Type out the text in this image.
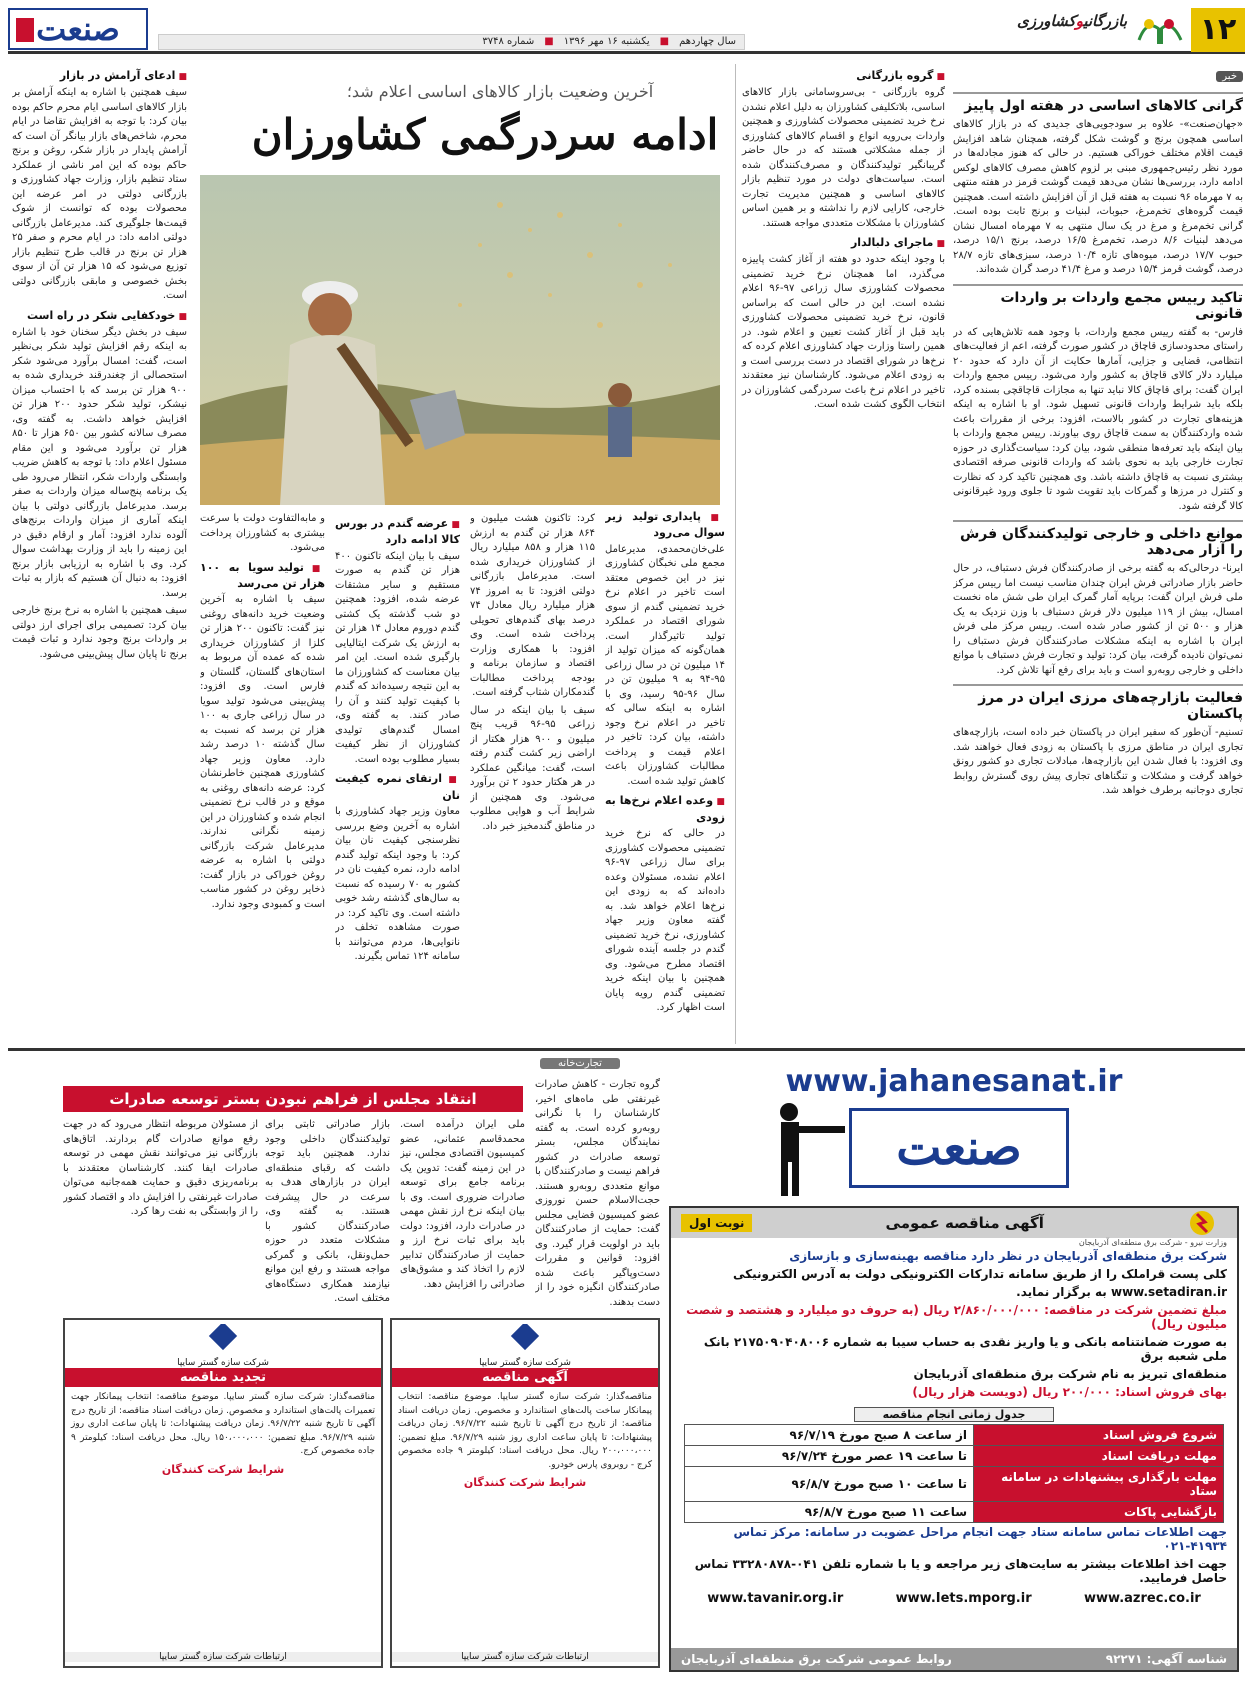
۱۲
بازرگانیوکشاورزی
سال چهاردهم
■
یکشنبه ۱۶ مهر ۱۳۹۶
■
شماره ۳۷۴۸
صنعت
خبر
گرانی کالاهای اساسی در هفته اول پاییز
«جهان‌صنعت»- علاوه بر سودجویی‌های جدیدی که در بازار کالاهای اساسی همچون برنج و گوشت شکل گرفته، همچنان شاهد افزایش قیمت اقلام مختلف خوراکی هستیم. در حالی که هنوز مجادله‌ها در مورد نظر رئیس‌جمهوری مبنی بر لزوم کاهش مصرف کالاهای لوکس ادامه دارد، بررسی‌ها نشان می‌دهد قیمت گوشت قرمز در هفته منتهی به ۷ مهرماه ۹۶ نسبت به هفته قبل از آن افزایش داشته است. همچنین قیمت گروه‌های تخم‌مرغ، حبوبات، لبنیات و برنج ثابت بوده است. گرانی تخم‌مرغ و مرغ در یک سال منتهی به ۷ مهرماه امسال نشان می‌دهد لبنیات ۸/۶ درصد، تخم‌مرغ ۱۶/۵ درصد، برنج ۱۵/۱ درصد، حبوب ۱۷/۷ درصد، میوه‌های تازه ۱۰/۴ درصد، سبزی‌های تازه ۲۸/۷ درصد، گوشت قرمز ۱۵/۴ درصد و مرغ ۴۱/۴ درصد گران شده‌اند.
تاکید رییس مجمع واردات بر واردات قانونی
فارس- به گفته رییس مجمع واردات، با وجود همه تلاش‌هایی که در راستای محدودسازی قاچاق در کشور صورت گرفته، اعم از فعالیت‌های انتظامی، قضایی و جزایی، آمارها حکایت از آن دارد که حدود ۲۰ میلیارد دلار کالای قاچاق به کشور وارد می‌شود. رییس مجمع واردات ایران گفت: برای قاچاق کالا نباید تنها به مجازات قاچاقچی بسنده کرد، بلکه باید شرایط واردات قانونی تسهیل شود. او با اشاره به اینکه هزینه‌های تجارت در کشور بالاست، افزود: برخی از مقررات باعث شده واردکنندگان به سمت قاچاق روی بیاورند. رییس مجمع واردات با بیان اینکه باید تعرفه‌ها منطقی شود، بیان کرد: سیاست‌گذاری در حوزه تجارت خارجی باید به نحوی باشد که واردات قانونی صرفه اقتصادی بیشتری نسبت به قاچاق داشته باشد. وی همچنین تاکید کرد که نظارت و کنترل در مرزها و گمرکات باید تقویت شود تا جلوی ورود غیرقانونی کالا گرفته شود.
موانع داخلی و خارجی تولیدکنندگان فرش را آزار می‌دهد
ایرنا- درحالی‌که به گفته برخی از صادرکنندگان فرش دستباف، در حال حاضر بازار صادراتی فرش ایران چندان مناسب نیست اما رییس مرکز ملی فرش ایران گفت: برپایه آمار گمرک ایران طی شش ماه نخست امسال، بیش از ۱۱۹ میلیون دلار فرش دستباف با وزن نزدیک به یک هزار و ۵۰۰ تن از کشور صادر شده است. رییس مرکز ملی فرش ایران با اشاره به اینکه مشکلات صادرکنندگان فرش دستباف را نمی‌توان نادیده گرفت، بیان کرد: تولید و تجارت فرش دستباف با موانع داخلی و خارجی روبه‌رو است و باید برای رفع آنها تلاش کرد.
فعالیت بازارچه‌های مرزی ایران در مرز پاکستان
تسنیم- آن‌طور که سفیر ایران در پاکستان خبر داده است، بازارچه‌های تجاری ایران در مناطق مرزی با پاکستان به زودی فعال خواهند شد. وی افزود: با فعال شدن این بازارچه‌ها، مبادلات تجاری دو کشور رونق خواهد گرفت و مشکلات و تنگناهای تجاری پیش روی گسترش روابط تجاری دوجانبه برطرف خواهد شد.
آخرین وضعیت بازار کالاهای اساسی اعلام شد؛
ادامه سردرگمی کشاورزان
■ ادعای آرامش در بازار

سیف همچنین با اشاره به اینکه آرامش بر بازار کالاهای اساسی ایام محرم حاکم بوده بیان کرد: با توجه به افزایش تقاضا در ایام محرم، شاخص‌های بازار بیانگر آن است که آرامش پایدار در بازار شکر، روغن و برنج حاکم بوده که این امر ناشی از عملکرد ستاد تنظیم بازار، وزارت جهاد کشاورزی و بازرگانی دولتی در امر عرضه این محصولات بوده که توانست از شوک قیمت‌ها جلوگیری کند. مدیرعامل بازرگانی دولتی ادامه داد: در ایام محرم و صفر ۲۵ هزار تن برنج در قالب طرح تنظیم بازار توزیع می‌شود که ۱۵ هزار تن آن از سوی بخش خصوصی و مابقی بازرگانی دولتی است.

■ خودکفایی شکر در راه است

سیف در بخش دیگر سخنان خود با اشاره به اینکه رقم افزایش تولید شکر بی‌نظیر است، گفت: امسال برآورد می‌شود شکر استحصالی از چغندرقند خریداری شده به ۹۰۰ هزار تن برسد که با احتساب میزان نیشکر، تولید شکر حدود ۲۰۰ هزار تن افزایش خواهد داشت. به گفته وی، مصرف سالانه کشور بین ۶۵۰ هزار تا ۸۵۰ هزار تن برآورد می‌شود و این مقام مسئول اعلام داد: با توجه به کاهش ضریب وابستگی واردات شکر، انتظار می‌رود طی یک برنامه پنج‌ساله میزان واردات به صفر برسد. مدیرعامل بازرگانی دولتی با بیان اینکه آماری از میزان واردات برنج‌های آلوده ندارد افزود: آمار و ارقام دقیق در این زمینه را باید از وزارت بهداشت سوال کرد. وی با اشاره به ارزیابی بازار برنج افزود: به دنبال آن هستیم که بازار به ثبات برسد.

سیف همچنین با اشاره به نرخ برنج خارجی بیان کرد: تصمیمی برای اجرای ارز دولتی بر واردات برنج وجود ندارد و ثبات قیمت برنج تا پایان سال پیش‌بینی می‌شود.

و مابه‌التفاوت دولت با سرعت بیشتری به کشاورزان پرداخت می‌شود.

■ تولید سویا به ۱۰۰ هزار تن می‌رسد

سیف با اشاره به آخرین وضعیت خرید دانه‌های روغنی نیز گفت: تاکنون ۲۰۰ هزار تن کلزا از کشاورزان خریداری شده که عمده آن مربوط به استان‌های گلستان، گلستان و فارس است. وی افزود: پیش‌بینی می‌شود تولید سویا در سال زراعی جاری به ۱۰۰ هزار تن برسد که نسبت به سال گذشته ۱۰ درصد رشد دارد. معاون وزیر جهاد کشاورزی همچنین خاطرنشان کرد: عرضه دانه‌های روغنی به موقع و در قالب نرخ تضمینی انجام شده و کشاورزان در این زمینه نگرانی ندارند. مدیرعامل شرکت بازرگانی دولتی با اشاره به عرضه روغن خوراکی در بازار گفت: ذخایر روغن در کشور مناسب است و کمبودی وجود ندارد.

■ عرضه گندم در بورس کالا ادامه دارد

سیف با بیان اینکه تاکنون ۴۰۰ هزار تن گندم به صورت مستقیم و سایر مشتقات عرضه شده، افزود: همچنین دو شب گذشته یک کشتی گندم دوروم معادل ۱۴ هزار تن به ارزش یک شرکت ایتالیایی بارگیری شده است. این امر بیان معناست که کشاورزان ما به این نتیجه رسیده‌اند که گندم با کیفیت تولید کنند و آن را صادر کنند. به گفته وی، امسال گندم‌های تولیدی کشاورزان از نظر کیفیت بسیار مطلوب بوده است.

■ ارتقای نمره کیفیت نان

معاون وزیر جهاد کشاورزی با اشاره به آخرین وضع بررسی نظرسنجی کیفیت نان بیان کرد: با وجود اینکه تولید گندم ادامه دارد، نمره کیفیت نان در کشور به ۷۰ رسیده که نسبت به سال‌های گذشته رشد خوبی داشته است. وی تاکید کرد: در صورت مشاهده تخلف در نانوایی‌ها، مردم می‌توانند با سامانه ۱۲۴ تماس بگیرند.

کرد: تاکنون هشت میلیون و ۸۶۴ هزار تن گندم به ارزش ۱۱۵ هزار و ۸۵۸ میلیارد ریال از کشاورزان خریداری شده است. مدیرعامل بازرگانی دولتی افزود: تا به امروز ۷۴ هزار میلیارد ریال معادل ۷۴ درصد بهای گندم‌های تحویلی پرداخت شده است. وی افزود: با همکاری وزارت اقتصاد و سازمان برنامه و بودجه پرداخت مطالبات گندمکاران شتاب گرفته است.

سیف با بیان اینکه در سال زراعی ۹۵-۹۶ قریب پنج میلیون و ۹۰۰ هزار هکتار از اراضی زیر کشت گندم رفته است، گفت: میانگین عملکرد در هر هکتار حدود ۲ تن برآورد می‌شود. وی همچنین از شرایط آب و هوایی مطلوب در مناطق گندمخیز خبر داد.

■ پایداری تولید زیر سوال می‌رود

علی‌خان‌محمدی، مدیرعامل مجمع ملی نخبگان کشاورزی نیز در این خصوص معتقد است تاخیر در اعلام نرخ خرید تضمینی گندم از سوی شورای اقتصاد در عملکرد تولید تاثیرگذار است. همان‌گونه که میزان تولید از ۱۴ میلیون تن در سال زراعی ۹۵-۹۴ به ۹ میلیون تن در سال ۹۶-۹۵ رسید، وی با اشاره به اینکه سالی که تاخیر در اعلام نرخ وجود داشته، بیان کرد: تاخیر در اعلام قیمت و پرداخت مطالبات کشاورزان باعث کاهش تولید شده است.

■ وعده اعلام نرخ‌ها به زودی

در حالی که نرخ خرید تضمینی محصولات کشاورزی برای سال زراعی ۹۷-۹۶ اعلام نشده، مسئولان وعده داده‌اند که به زودی این نرخ‌ها اعلام خواهد شد. به گفته معاون وزیر جهاد کشاورزی، نرخ خرید تضمینی گندم در جلسه آینده شورای اقتصاد مطرح می‌شود. وی همچنین با بیان اینکه خرید تضمینی گندم رویه پایان است اظهار کرد.

■ گروه بازرگانی

گروه بازرگانی - بی‌سروسامانی بازار کالاهای اساسی، بلاتکلیفی کشاورزان به دلیل اعلام نشدن نرخ خرید تضمینی محصولات کشاورزی و همچنین واردات بی‌رویه انواع و اقسام کالاهای کشاورزی از جمله مشکلاتی هستند که در حال حاضر گریبانگیر تولیدکنندگان و مصرف‌کنندگان شده است. سیاست‌های دولت در مورد تنظیم بازار کالاهای اساسی و همچنین مدیریت تجارت خارجی، کارایی لازم را نداشته و بر همین اساس کشاورزان با مشکلات متعددی مواجه هستند.

■ ماجرای دلبالدار

با وجود اینکه حدود دو هفته از آغاز کشت پاییزه می‌گذرد، اما همچنان نرخ خرید تضمینی محصولات کشاورزی سال زراعی ۹۷-۹۶ اعلام نشده است. این در حالی است که براساس قانون، نرخ خرید تضمینی محصولات کشاورزی باید قبل از آغاز کشت تعیین و اعلام شود. در همین راستا وزارت جهاد کشاورزی اعلام کرده که نرخ‌ها در شورای اقتصاد در دست بررسی است و به زودی اعلام می‌شود. کارشناسان نیز معتقدند تاخیر در اعلام نرخ باعث سردرگمی کشاورزان در انتخاب الگوی کشت شده است.

تجارت‌خانه
انتقاد مجلس از فراهم نبودن بستر توسعه صادرات

گروه تجارت - کاهش صادرات غیرنفتی طی ماه‌های اخیر، کارشناسان را با نگرانی روبه‌رو کرده است. به گفته نمایندگان مجلس، بستر توسعه صادرات در کشور فراهم نیست و صادرکنندگان با موانع متعددی روبه‌رو هستند. حجت‌الاسلام حسن نوروزی عضو کمیسیون قضایی مجلس گفت: حمایت از صادرکنندگان باید در اولویت قرار گیرد. وی افزود: قوانین و مقررات دست‌وپاگیر باعث شده صادرکنندگان انگیزه خود را از دست بدهند.

ملی ایران درآمده است. محمدقاسم عثمانی، عضو کمیسیون اقتصادی مجلس، نیز در این زمینه گفت: تدوین یک برنامه جامع برای توسعه صادرات ضروری است. وی با بیان اینکه نرخ ارز نقش مهمی در صادرات دارد، افزود: دولت باید برای ثبات نرخ ارز و حمایت از صادرکنندگان تدابیر لازم را اتخاذ کند و مشوق‌های صادراتی را افزایش دهد.

بازار صادراتی ثابتی برای تولیدکنندگان داخلی وجود ندارد. همچنین باید توجه داشت که رقبای منطقه‌ای ایران در بازارهای هدف به سرعت در حال پیشرفت هستند. به گفته وی، صادرکنندگان کشور با مشکلات متعدد در حوزه حمل‌ونقل، بانکی و گمرکی مواجه هستند و رفع این موانع نیازمند همکاری دستگاه‌های مختلف است.

از مسئولان مربوطه انتظار می‌رود که در جهت رفع موانع صادرات گام بردارند. اتاق‌های بازرگانی نیز می‌توانند نقش مهمی در توسعه صادرات ایفا کنند. کارشناسان معتقدند با برنامه‌ریزی دقیق و حمایت همه‌جانبه می‌توان صادرات غیرنفتی را افزایش داد و اقتصاد کشور را از وابستگی به نفت رها کرد.

شرکت سازه گستر سایپا
آگهی مناقصه
مناقصه‌گذار: شرکت سازه گستر سایپا. موضوع مناقصه: انتخاب پیمانکار ساخت پالت‌های استاندارد و مخصوص. زمان دریافت اسناد مناقصه: از تاریخ درج آگهی تا تاریخ شنبه ۹۶/۷/۲۲. زمان دریافت پیشنهادات: تا پایان ساعت اداری روز شنبه ۹۶/۷/۲۹. مبلغ تضمین: ۲۰۰،۰۰۰،۰۰۰ ریال. محل دریافت اسناد: کیلومتر ۹ جاده مخصوص کرج - روبروی پارس خودرو.
شرایط شرکت کنندگان
ارتباطات شرکت سازه گستر سایپا
شرکت سازه گستر سایپا
تجدید مناقصه
مناقصه‌گذار: شرکت سازه گستر سایپا. موضوع مناقصه: انتخاب پیمانکار جهت تعمیرات پالت‌های استاندارد و مخصوص. زمان دریافت اسناد مناقصه: از تاریخ درج آگهی تا تاریخ شنبه ۹۶/۷/۲۲. زمان دریافت پیشنهادات: تا پایان ساعت اداری روز شنبه ۹۶/۷/۲۹. مبلغ تضمین: ۱۵۰،۰۰۰،۰۰۰ ریال. محل دریافت اسناد: کیلومتر ۹ جاده مخصوص کرج.
شرایط شرکت کنندگان
ارتباطات شرکت سازه گستر سایپا
www.jahanesanat.ir
صنعت
آگهی مناقصه عمومی
نوبت اول
وزارت نیرو - شرکت برق منطقه‌ای آذربایجان
شرکت برق منطقه‌ای آذربایجان در نظر دارد مناقصه بهینه‌سازی و بازسازی
کلی پست قراملک را از طریق سامانه تدارکات الکترونیکی دولت به آدرس الکترونیکی
www.setadiran.ir به برگزار نماید.
مبلغ تضمین شرکت در مناقصه: ۲/۸۶۰/۰۰۰/۰۰۰ ریال (به حروف دو میلیارد و هشتصد و شصت میلیون ریال)
به صورت ضمانتنامه بانکی و یا واریز نقدی به حساب سیبا به شماره ۲۱۷۵۰۹۰۴۰۸۰۰۶ بانک ملی شعبه برق
منطقه‌ای تبریز به نام شرکت برق منطقه‌ای آذربایجان
بهای فروش اسناد: ۲۰۰/۰۰۰ ریال (دویست هزار ریال)
جدول زمانی انجام مناقصه
شروع فروش اسناد	از ساعت ۸ صبح مورخ ۹۶/۷/۱۹
مهلت دریافت اسناد	تا ساعت ۱۹ عصر مورخ ۹۶/۷/۲۴
مهلت بارگذاری پیشنهادات در سامانه ستاد	تا ساعت ۱۰ صبح مورخ ۹۶/۸/۷
بازگشایی پاکات	ساعت ۱۱ صبح مورخ ۹۶/۸/۷
جهت اطلاعات تماس سامانه ستاد جهت انجام مراحل عضویت در سامانه: مرکز تماس ۴۱۹۳۴-۰۲۱
جهت اخذ اطلاعات بیشتر به سایت‌های زیر مراجعه و یا با شماره تلفن ۰۴۱-۳۳۲۸۰۸۷۸ تماس حاصل فرمایید.
www.azrec.co.ir
www.Iets.mporg.ir
www.tavanir.org.ir
شناسه آگهی: ۹۲۲۷۱
روابط عمومی شرکت برق منطقه‌ای آذربایجان
